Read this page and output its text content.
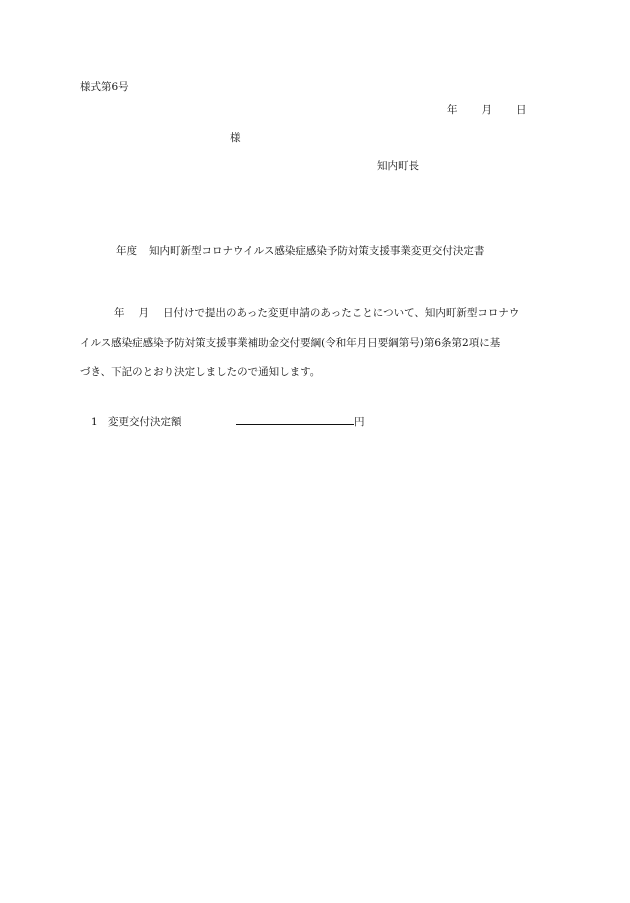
様式第6号
年 月 日
様
知内町長
年度 知内町新型コロナウイルス感染症感染予防対策支援事業変更交付決定書
年 月 日付けで提出のあった変更申請のあったことについて、知内町新型コロナウ
イルス感染症感染予防対策支援事業補助金交付要綱(令和年月日要綱第号)第6条第2項に基
づき、下記のとおり決定しましたので通知します。
1 変更交付決定額	円
